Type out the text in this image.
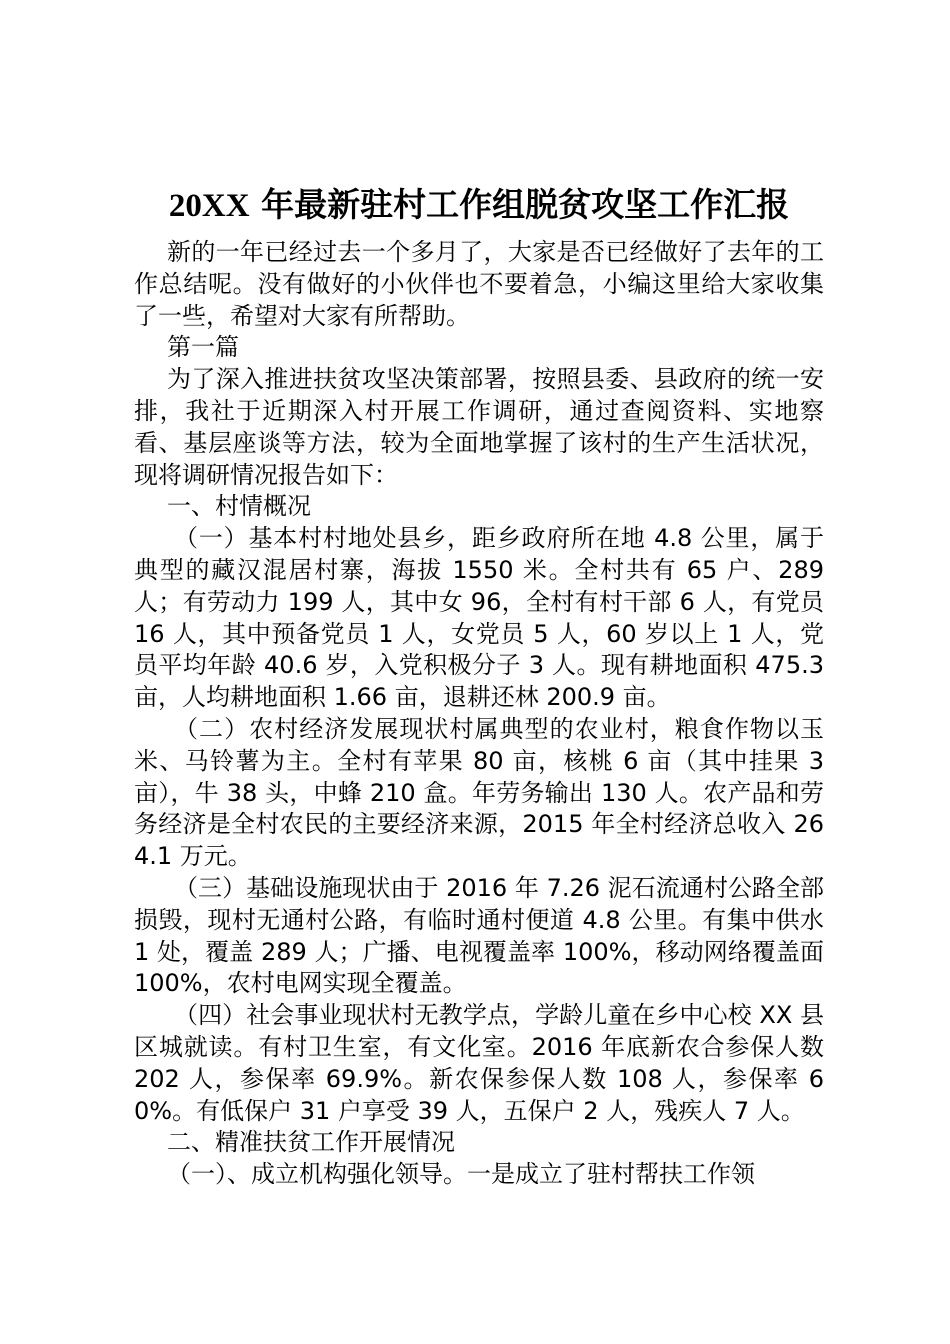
20XX 年最新驻村工作组脱贫攻坚工作汇报

新的一年已经过去一个多月了，大家是否已经做好了去年的工作总结呢。没有做好的小伙伴也不要着急，小编这里给大家收集了一些，希望对大家有所帮助。

第一篇

为了深入推进扶贫攻坚决策部署，按照县委、县政府的统一安排，我社于近期深入村开展工作调研，通过查阅资料、实地察看、基层座谈等方法，较为全面地掌握了该村的生产生活状况，现将调研情况报告如下：

一、村情概况

（一）基本村村地处县乡，距乡政府所在地 4.8 公里，属于典型的藏汉混居村寨，海拔 1550 米。全村共有 65 户、289 人；有劳动力 199 人，其中女 96，全村有村干部 6 人，有党员 16 人，其中预备党员 1 人，女党员 5 人，60 岁以上 1 人，党员平均年龄 40.6 岁，入党积极分子 3 人。现有耕地面积 475.3 亩，人均耕地面积 1.66 亩，退耕还林 200.9 亩。

（二）农村经济发展现状村属典型的农业村，粮食作物以玉米、马铃薯为主。全村有苹果 80 亩，核桃 6 亩（其中挂果 3 亩），牛 38 头，中蜂 210 盒。年劳务输出 130 人。农产品和劳务经济是全村农民的主要经济来源，2015 年全村经济总收入 264.1 万元。

（三）基础设施现状由于 2016 年 7.26 泥石流通村公路全部损毁，现村无通村公路，有临时通村便道 4.8 公里。有集中供水 1 处，覆盖 289 人；广播、电视覆盖率 100%，移动网络覆盖面 100%，农村电网实现全覆盖。

（四）社会事业现状村无教学点，学龄儿童在乡中心校 XX 县区城就读。有村卫生室，有文化室。2016 年底新农合参保人数 202 人，参保率 69.9%。新农保参保人数 108 人，参保率 60%。有低保户 31 户享受 39 人，五保户 2 人，残疾人 7 人。

二、精准扶贫工作开展情况

（一）、成立机构强化领导。一是成立了驻村帮扶工作领
